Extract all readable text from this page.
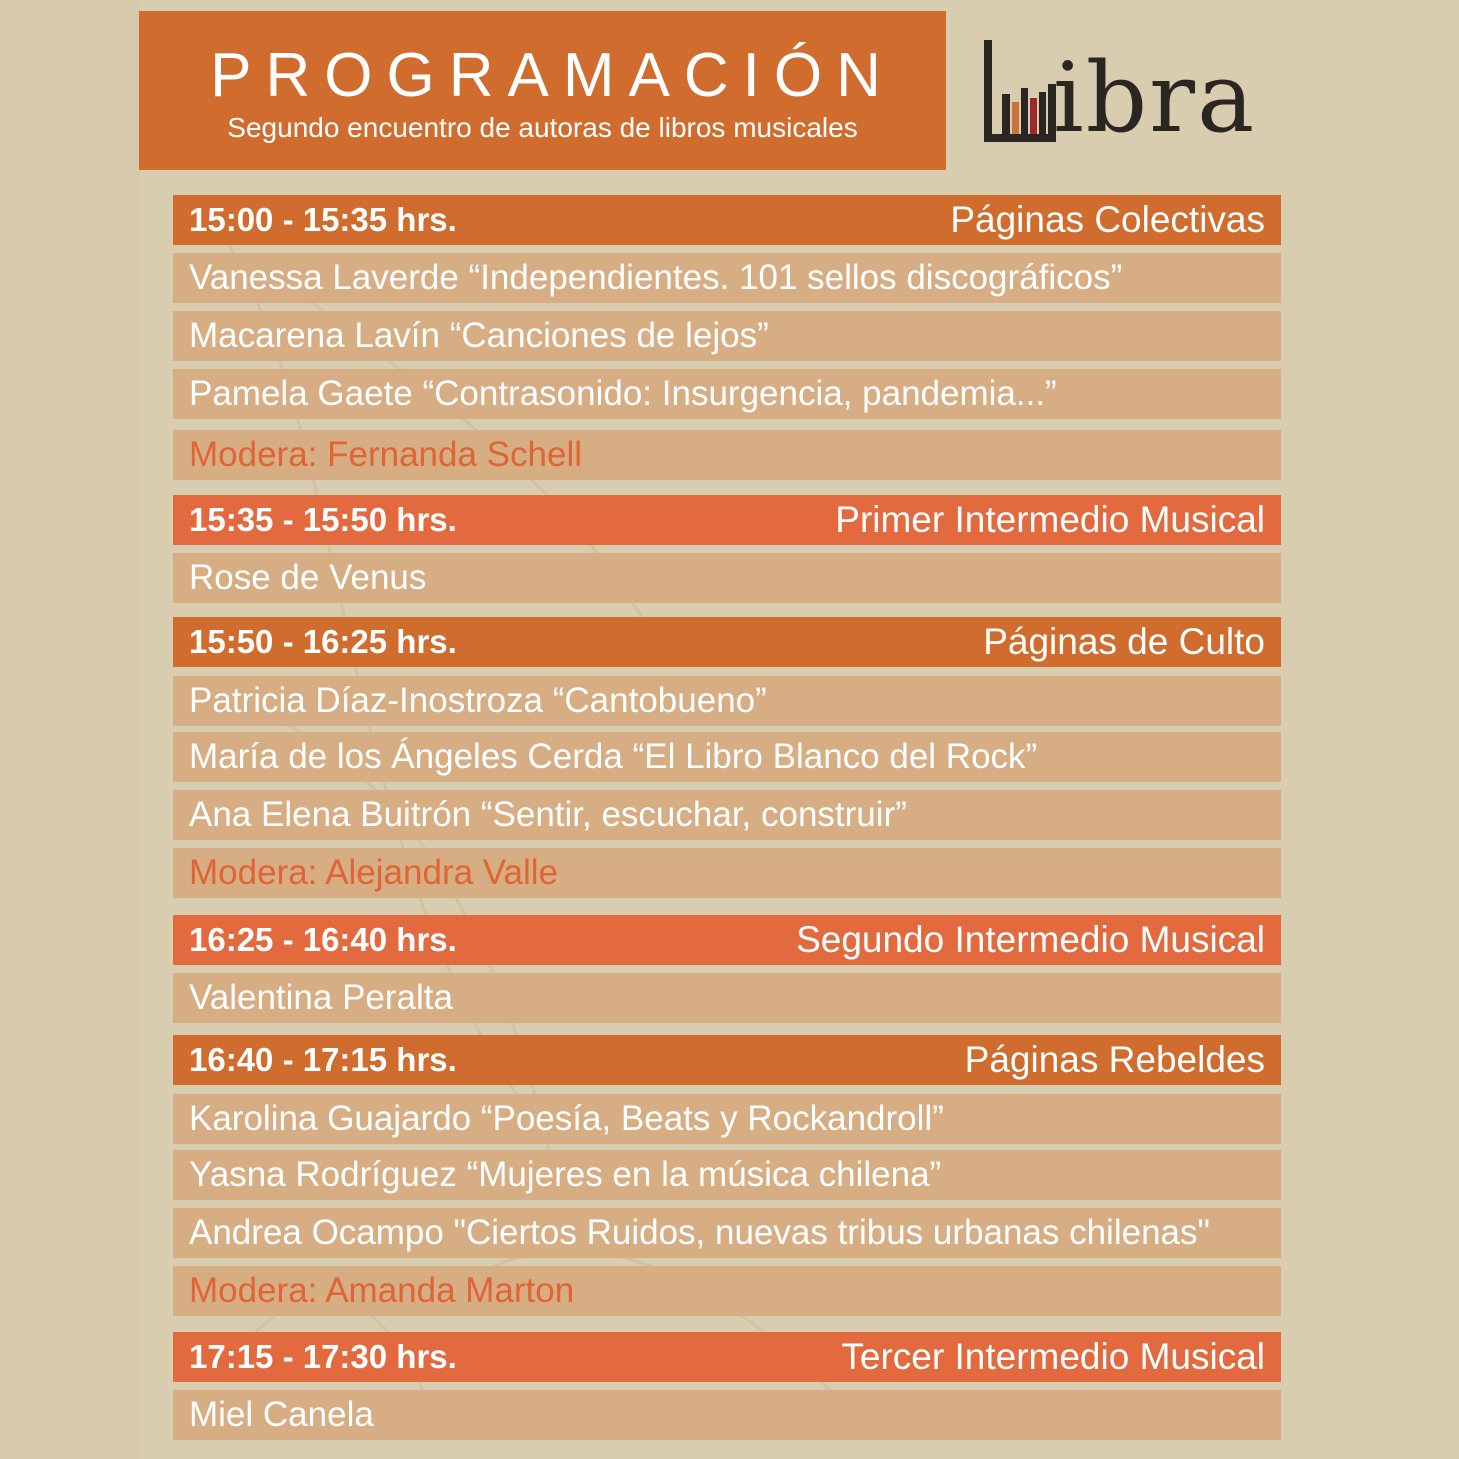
PROGRAMACIÓN
Segundo encuentro de autoras de libros musicales	ibra
15:00 - 15:35 hrs.	Páginas Colectivas
Vanessa Laverde “Independientes. 101 sellos discográficos”
Macarena Lavín “Canciones de lejos”
Pamela Gaete “Contrasonido: Insurgencia, pandemia...”
Modera: Fernanda Schell
15:35 - 15:50 hrs.	Primer Intermedio Musical
Rose de Venus
15:50 - 16:25 hrs.	Páginas de Culto
Patricia Díaz-Inostroza “Cantobueno”
María de los Ángeles Cerda “El Libro Blanco del Rock”
Ana Elena Buitrón “Sentir, escuchar, construir”
Modera: Alejandra Valle
16:25 - 16:40 hrs.	Segundo Intermedio Musical
Valentina Peralta
16:40 - 17:15 hrs.	Páginas Rebeldes
Karolina Guajardo “Poesía, Beats y Rockandroll”
Yasna Rodríguez “Mujeres en la música chilena”
Andrea Ocampo "Ciertos Ruidos, nuevas tribus urbanas chilenas"
Modera: Amanda Marton
17:15 - 17:30 hrs.	Tercer Intermedio Musical
Miel Canela
